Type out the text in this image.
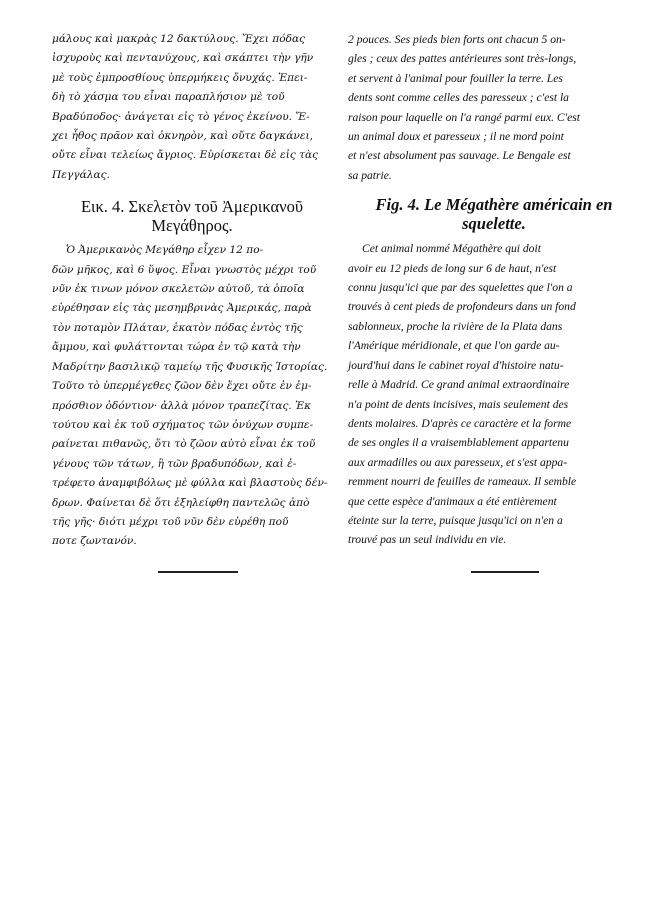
μάλους καὶ μακρὰς 12 δακτύλους. Ἔχει πόδας
ἰσχυροὺς καὶ πεντανύχους, καὶ σκάπτει τὴν γῆν
μὲ τοὺς ἐμπροσθίους ὑπερμήκεις ὄνυχάς. Ἐπει-
δὴ τὸ χάσμα του εἶναι παραπλήσιον μὲ τοῦ
Βραδύποδος· ἀνάγεται εἰς τὸ γένος ἐκείνου. Ἔ-
χει ἦθος πρᾶον καὶ ὀκνηρὸν, καὶ οὔτε δαγκάνει,
οὔτε εἶναι τελείως ἄγριος. Εὑρίσκεται δὲ εἰς τὰς
Πεγγάλας.

Εικ. 4. Σκελετὸν τοῦ Ἀμερικανοῦ
Μεγάθηρος.

Ὁ Ἀμερικανὸς Μεγάθηρ εἶχεν 12 πο-
δῶν μῆκος, καὶ 6 ὕψος. Εἶναι γνωστὸς μέχρι τοῦ
νῦν ἐκ τινων μόνον σκελετῶν αὐτοῦ, τὰ ὁποῖα
εὑρέθησαν εἰς τὰς μεσημβρινὰς Ἀμερικάς, παρὰ
τὸν ποταμὸν Πλάταν, ἑκατὸν πόδας ἐντὸς τῆς
ἄμμου, καὶ φυλάττονται τώρα ἐν τῷ κατὰ τὴν
Μαδρίτην βασιλικῷ ταμείῳ τῆς Φυσικῆς Ἱστορίας.
Τοῦτο τὸ ὑπερμέγεθες ζῶον δὲν ἔχει οὔτε ἐν ἐμ-
πρόσθιον ὀδόντιον· ἀλλὰ μόνον τραπεζίτας. Ἐκ
τούτου καὶ ἐκ τοῦ σχήματος τῶν ὀνύχων συμπε-
ραίνεται πιθανῶς, ὅτι τὸ ζῶον αὐτὸ εἶναι ἐκ τοῦ
γένους τῶν τάτων, ἢ τῶν βραδυπόδων, καὶ ἐ-
τρέφετο ἀναμφιβόλως μὲ φύλλα καὶ βλαστοὺς δέν-
δρων. Φαίνεται δὲ ὅτι ἐξηλείφθη παντελῶς ἀπὸ
τῆς γῆς· διότι μέχρι τοῦ νῦν δὲν εὑρέθη ποῦ
ποτε ζωντανόν.

2 pouces. Ses pieds bien forts ont chacun 5 on-
gles ; ceux des pattes antérieures sont très-longs,
et servent à l'animal pour fouiller la terre. Les
dents sont comme celles des paresseux ; c'est la
raison pour laquelle on l'a rangé parmi eux. C'est
un animal doux et paresseux ; il ne mord point
et n'est absolument pas sauvage. Le Bengale est
sa patrie.

Fig. 4. Le Mégathère américain en
squelette.

Cet animal nommé Mégathère qui doit
avoir eu 12 pieds de long sur 6 de haut, n'est
connu jusqu'ici que par des squelettes que l'on a
trouvés à cent pieds de profondeurs dans un fond
sablonneux, proche la rivière de la Plata dans
l'Amérique méridionale, et que l'on garde au-
jourd'hui dans le cabinet royal d'histoire natu-
relle à Madrid. Ce grand animal extraordinaire
n'a point de dents incisives, mais seulement des
dents molaires. D'après ce caractère et la forme
de ses ongles il a vraisemblablement appartenu
aux armadilles ou aux paresseux, et s'est appa-
remment nourri de feuilles de rameaux. Il semble
que cette espèce d'animaux a été entièrement
éteinte sur la terre, puisque jusqu'ici on n'en a
trouvé pas un seul individu en vie.
